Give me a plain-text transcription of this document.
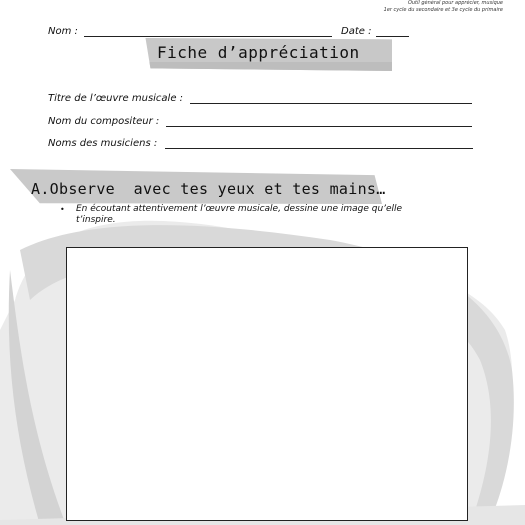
Outil général pour apprécier, musique
1er cycle du secondaire et 3e cycle du primaire
Nom :	Date :
Fiche d’appréciation
Titre de l’œuvre musicale :
Nom du compositeur :
Noms des musiciens :
A.Observe  avec tes yeux et tes mains…
• En écoutant attentivement l’œuvre musicale, dessine une image qu’elle t’inspire.
